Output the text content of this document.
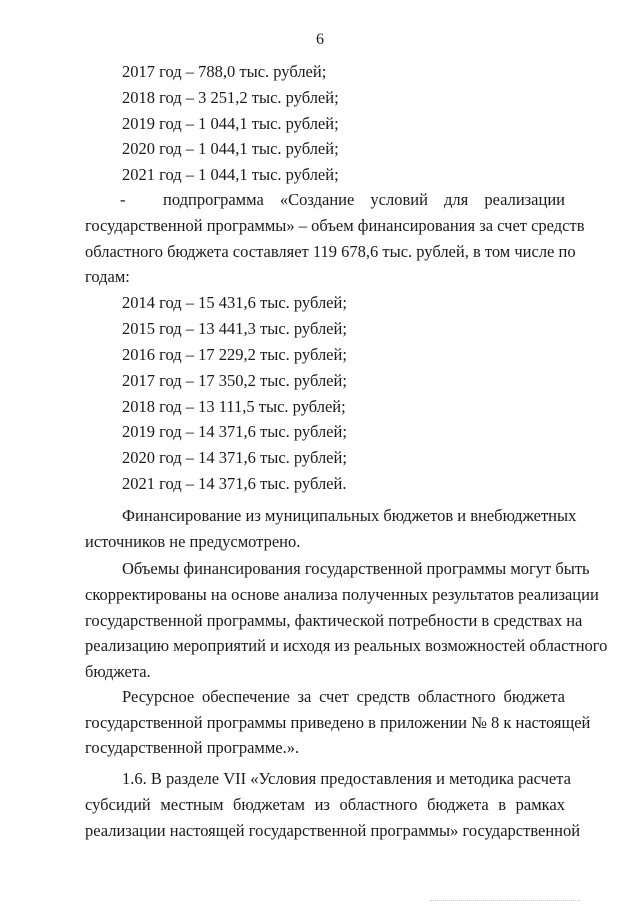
6
2017 год – 788,0 тыс. рублей;
2018 год – 3 251,2 тыс. рублей;
2019 год – 1 044,1 тыс. рублей;
2020 год – 1 044,1 тыс. рублей;
2021 год – 1 044,1 тыс. рублей;
- подпрограмма «Создание условий для реализации
государственной программы» – объем финансирования за счет средств
областного бюджета составляет 119 678,6 тыс. рублей, в том числе по
годам:
2014 год – 15 431,6 тыс. рублей;
2015 год – 13 441,3 тыс. рублей;
2016 год – 17 229,2 тыс. рублей;
2017 год – 17 350,2 тыс. рублей;
2018 год – 13 111,5 тыс. рублей;
2019 год – 14 371,6 тыс. рублей;
2020 год – 14 371,6 тыс. рублей;
2021 год – 14 371,6 тыс. рублей.
Финансирование из муниципальных бюджетов и внебюджетных
источников не предусмотрено.
Объемы финансирования государственной программы могут быть
скорректированы на основе анализа полученных результатов реализации
государственной программы, фактической потребности в средствах на
реализацию мероприятий и исходя из реальных возможностей областного
бюджета.
Ресурсное обеспечение за счет средств областного бюджета
государственной программы приведено в приложении № 8 к настоящей
государственной программе.».
1.6. В разделе VII «Условия предоставления и методика расчета
субсидий местным бюджетам из областного бюджета в рамках
реализации настоящей государственной программы» государственной
